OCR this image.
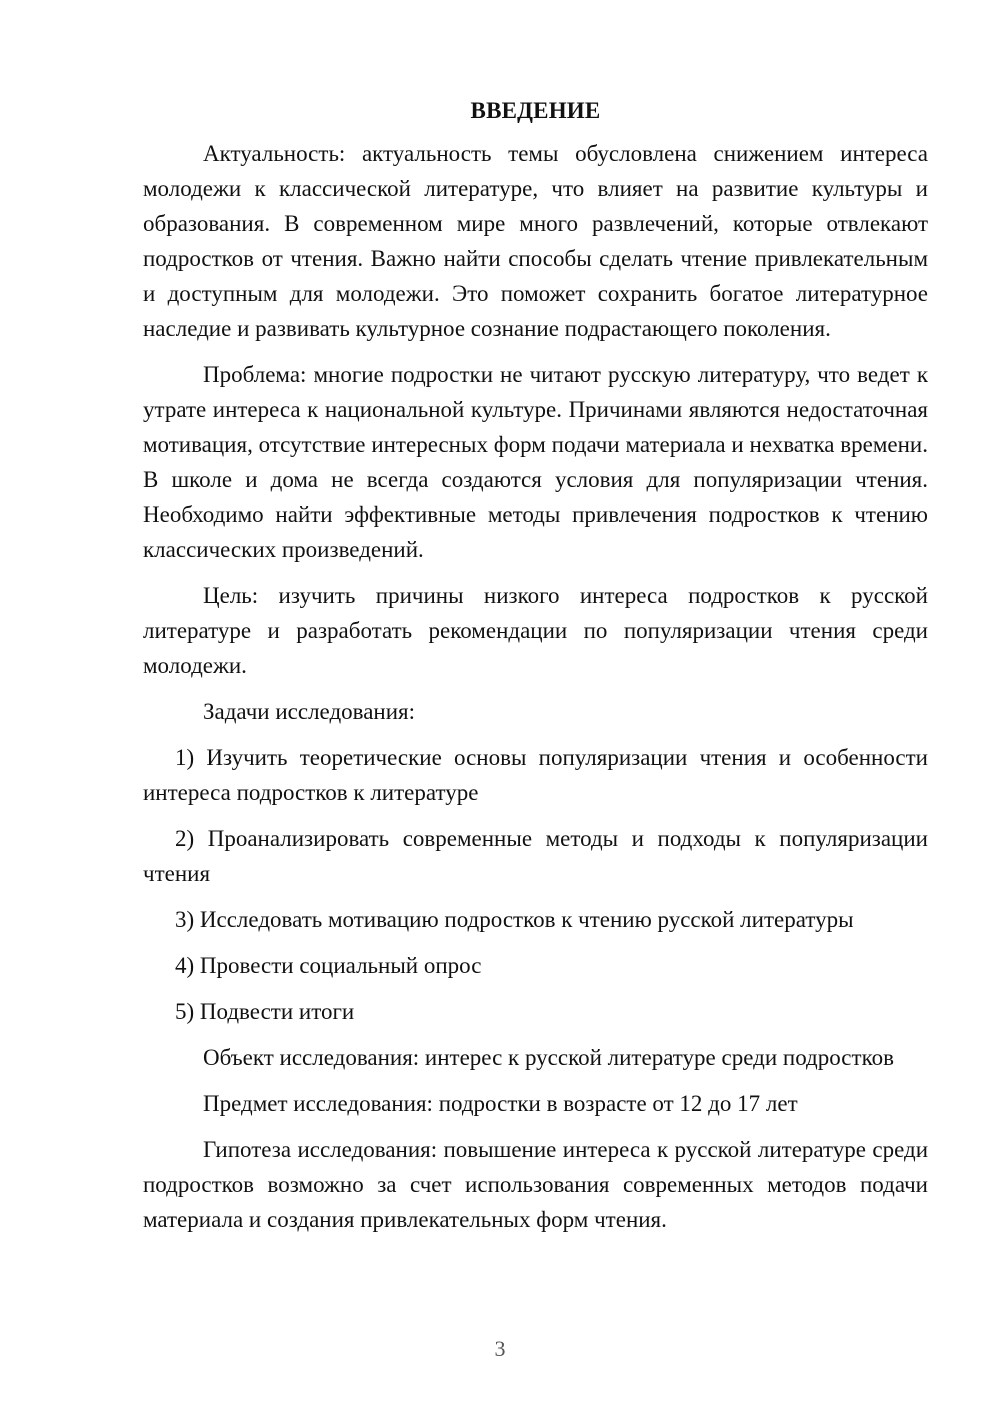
ВВЕДЕНИЕ

Актуальность: актуальность темы обусловлена снижением интереса молодежи к классической литературе, что влияет на развитие культуры и образования. В современном мире много развлечений, которые отвлекают подростков от чтения. Важно найти способы сделать чтение привлекательным и доступным для молодежи. Это поможет сохранить богатое литературное наследие и развивать культурное сознание подрастающего поколения.

Проблема: многие подростки не читают русскую литературу, что ведет к утрате интереса к национальной культуре. Причинами являются недостаточная мотивация, отсутствие интересных форм подачи материала и нехватка времени. В школе и дома не всегда создаются условия для популяризации чтения. Необходимо найти эффективные методы привлечения подростков к чтению классических произведений.

Цель: изучить причины низкого интереса подростков к русской литературе и разработать рекомендации по популяризации чтения среди молодежи.

Задачи исследования:

1) Изучить теоретические основы популяризации чтения и особенности интереса подростков к литературе

2) Проанализировать современные методы и подходы к популяризации чтения

3) Исследовать мотивацию подростков к чтению русской литературы

4) Провести социальный опрос

5) Подвести итоги

Объект исследования: интерес к русской литературе среди подростков

Предмет исследования: подростки в возрасте от 12 до 17 лет

Гипотеза исследования: повышение интереса к русской литературе среди подростков возможно за счет использования современных методов подачи материала и создания привлекательных форм чтения.

3
